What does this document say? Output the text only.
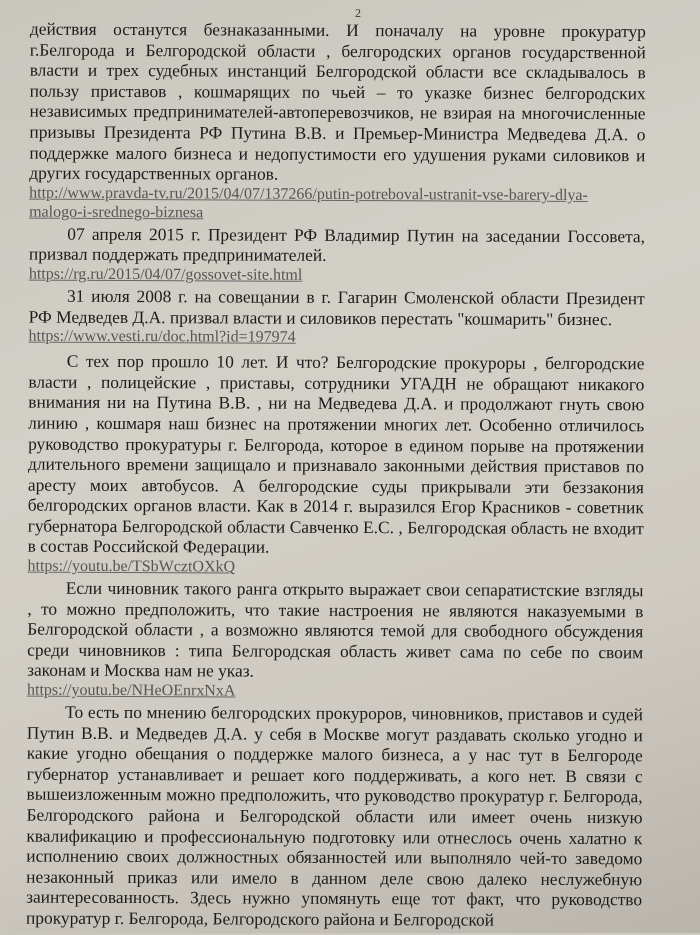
2

действия останутся безнаказанными. И поначалу на уровне прокуратур г.Белгорода и Белгородской области , белгородских органов государственной власти и трех судебных инстанций Белгородской области все складывалось в пользу приставов , кошмарящих по чьей – то указке бизнес белгородских независимых предпринимателей-автоперевозчиков, не взирая на многочисленные призывы Президента РФ Путина В.В. и Премьер-Министра Медведева Д.А. о поддержке малого бизнеса и недопустимости его удушения руками силовиков и других государственных органов.

http://www.pravda-tv.ru/2015/04/07/137266/putin-potreboval-ustranit-vse-barery-dlya-
malogo-i-srednego-biznesa

07 апреля 2015 г. Президент РФ Владимир Путин на заседании Госсовета, призвал поддержать предпринимателей.

https://rg.ru/2015/04/07/gossovet-site.html

31 июля 2008 г. на совещании в г. Гагарин Смоленской области Президент РФ Медведев Д.А. призвал власти и силовиков перестать "кошмарить" бизнес.

https://www.vesti.ru/doc.html?id=197974

С тех пор прошло 10 лет. И что? Белгородские прокуроры , белгородские власти , полицейские , приставы, сотрудники УГАДН не обращают никакого внимания ни на Путина В.В. , ни на Медведева Д.А. и продолжают гнуть свою линию , кошмаря наш бизнес на протяжении многих лет. Особенно отличилось руководство прокуратуры г. Белгорода, которое в едином порыве на протяжении длительного времени защищало и признавало законными действия приставов по аресту моих автобусов. А белгородские суды прикрывали эти беззакония белгородских органов власти. Как в 2014 г. выразился Егор Красников - советник губернатора Белгородской области Савченко Е.С. , Белгородская область не входит в состав Российской Федерации.

https://youtu.be/TSbWcztOXkQ

Если чиновник такого ранга открыто выражает свои сепаратистские взгляды , то можно предположить, что такие настроения не являются наказуемыми в Белгородской области , а возможно являются темой для свободного обсуждения среди чиновников : типа Белгородская область живет сама по себе по своим законам и Москва нам не указ.

https://youtu.be/NHeOEnrxNxA

То есть по мнению белгородских прокуроров, чиновников, приставов и судей Путин В.В. и Медведев Д.А. у себя в Москве могут раздавать сколько угодно и какие угодно обещания о поддержке малого бизнеса, а у нас тут в Белгороде губернатор устанавливает и решает кого поддерживать, а кого нет. В связи с вышеизложенным можно предположить, что руководство прокуратур г. Белгорода, Белгородского района и Белгородской области или имеет очень низкую квалификацию и профессиональную подготовку или отнеслось очень халатно к исполнению своих должностных обязанностей или выполняло чей-то заведомо незаконный приказ или имело в данном деле свою далеко неслужебную заинтересованность. Здесь нужно упомянуть еще тот факт, что руководство прокуратур г. Белгорода, Белгородского района и Белгородской
